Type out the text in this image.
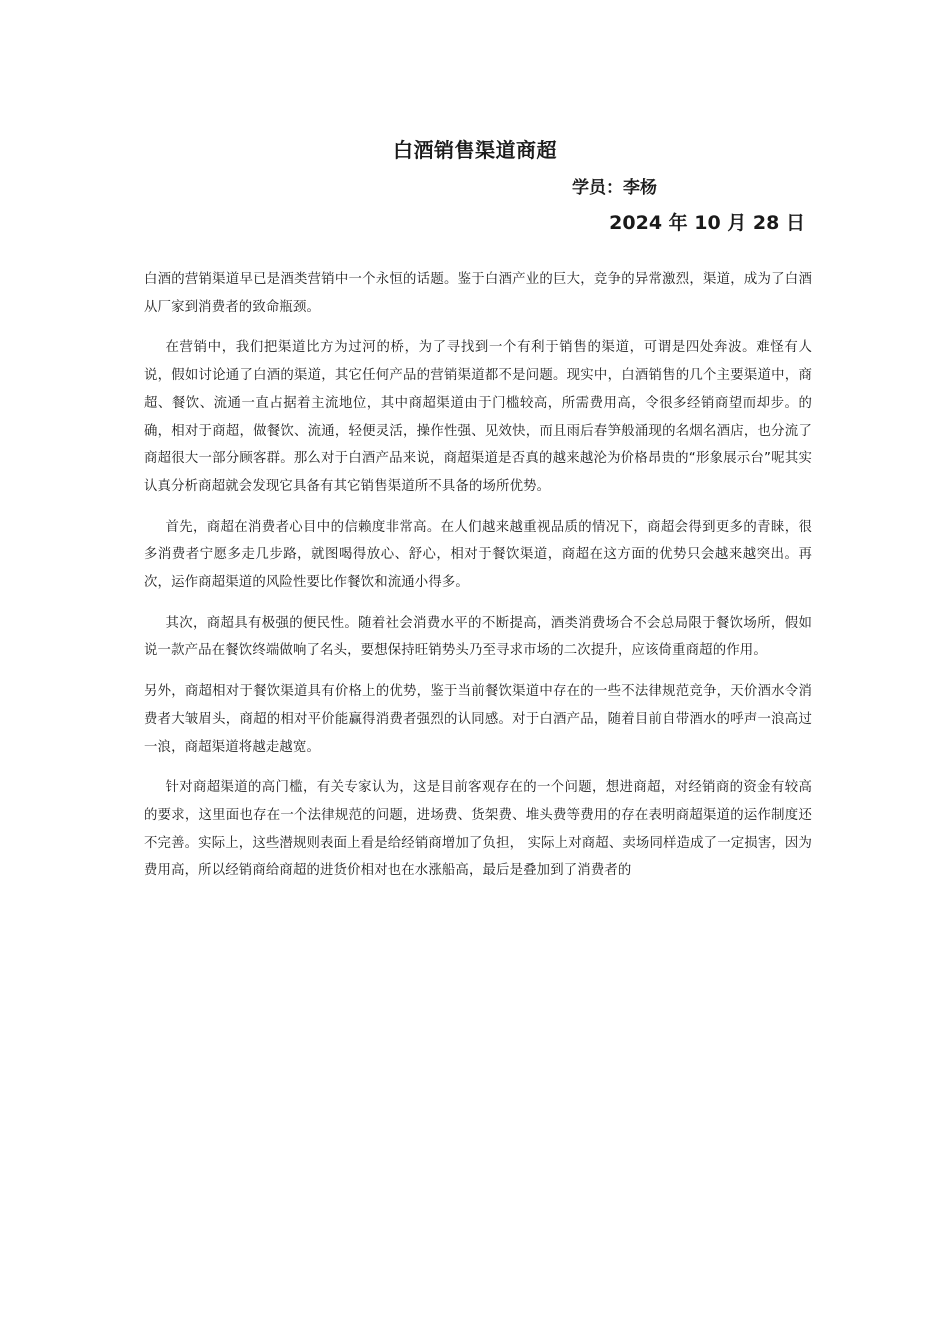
白酒销售渠道商超
学员：李杨
2024 年 10 月 28 日

白酒的营销渠道早已是酒类营销中一个永恒的话题。鉴于白酒产业的巨大，竞争的异常激烈，渠道，成为了白酒从厂家到消费者的致命瓶颈。

在营销中，我们把渠道比方为过河的桥，为了寻找到一个有利于销售的渠道，可谓是四处奔波。难怪有人说，假如讨论通了白酒的渠道，其它任何产品的营销渠道都不是问题。现实中，白酒销售的几个主要渠道中，商超、餐饮、流通一直占据着主流地位，其中商超渠道由于门槛较高，所需费用高，令很多经销商望而却步。的确，相对于商超，做餐饮、流通，轻便灵活，操作性强、见效快，而且雨后春笋般涌现的名烟名酒店，也分流了商超很大一部分顾客群。那么对于白酒产品来说，商超渠道是否真的越来越沦为价格昂贵的“形象展示台”呢其实认真分析商超就会发现它具备有其它销售渠道所不具备的场所优势。

首先，商超在消费者心目中的信赖度非常高。在人们越来越重视品质的情况下，商超会得到更多的青睐，很多消费者宁愿多走几步路，就图喝得放心、舒心，相对于餐饮渠道，商超在这方面的优势只会越来越突出。再次，运作商超渠道的风险性要比作餐饮和流通小得多。

其次，商超具有极强的便民性。随着社会消费水平的不断提高，酒类消费场合不会总局限于餐饮场所，假如说一款产品在餐饮终端做响了名头，要想保持旺销势头乃至寻求市场的二次提升，应该倚重商超的作用。

另外，商超相对于餐饮渠道具有价格上的优势，鉴于当前餐饮渠道中存在的一些不法律规范竞争，天价酒水令消费者大皱眉头，商超的相对平价能赢得消费者强烈的认同感。对于白酒产品，随着目前自带酒水的呼声一浪高过一浪，商超渠道将越走越宽。

针对商超渠道的高门槛，有关专家认为，这是目前客观存在的一个问题，想进商超，对经销商的资金有较高的要求，这里面也存在一个法律规范的问题，进场费、货架费、堆头费等费用的存在表明商超渠道的运作制度还不完善。实际上，这些潜规则表面上看是给经销商增加了负担， 实际上对商超、卖场同样造成了一定损害，因为费用高，所以经销商给商超的进货价相对也在水涨船高，最后是叠加到了消费者的
